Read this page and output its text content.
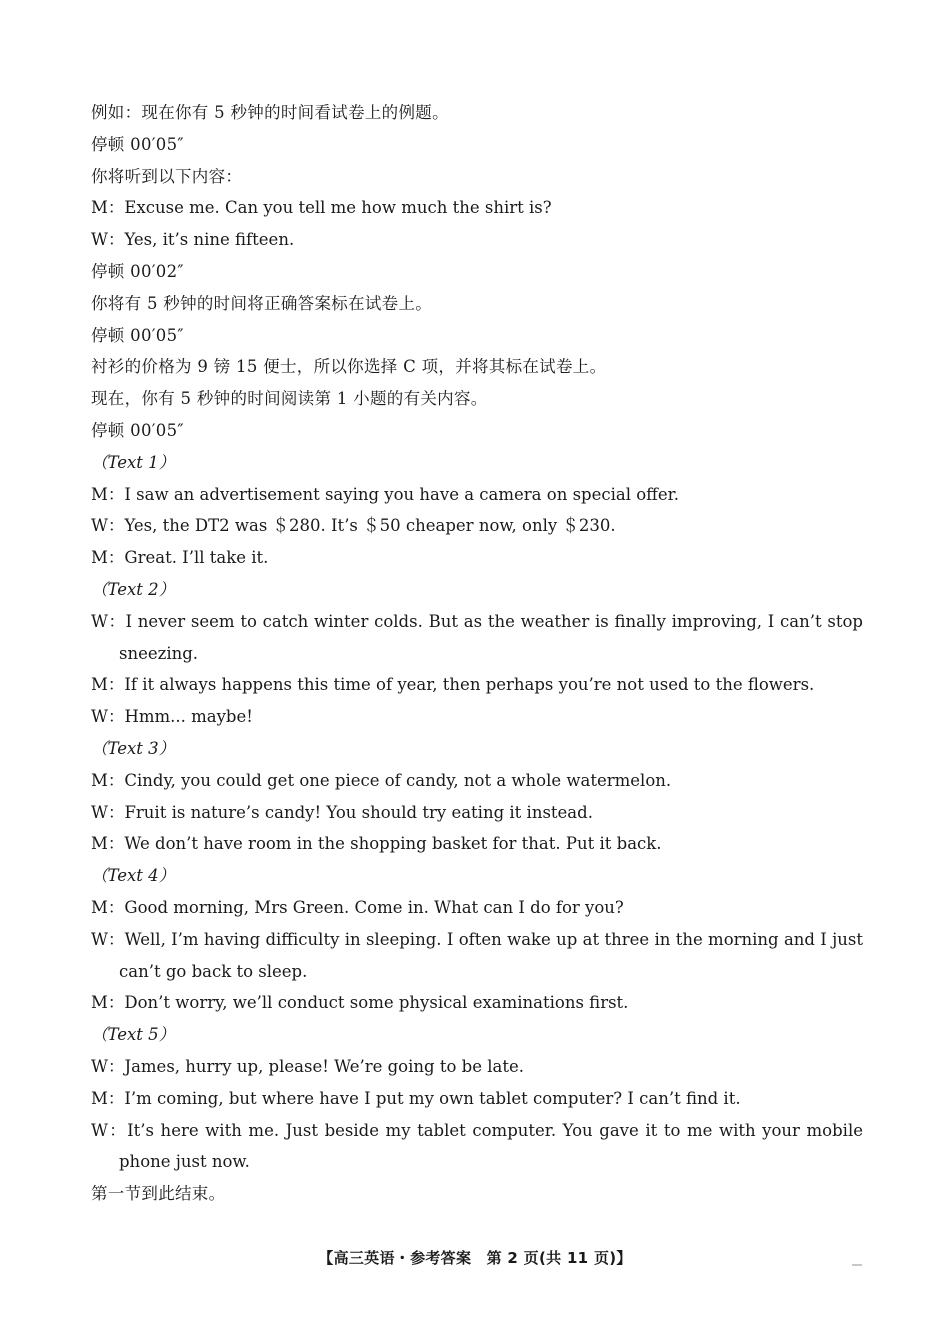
例如：现在你有 5 秒钟的时间看试卷上的例题。
停顿 00′05″
你将听到以下内容：
M：Excuse me. Can you tell me how much the shirt is?
W：Yes, it’s nine fifteen.
停顿 00′02″
你将有 5 秒钟的时间将正确答案标在试卷上。
停顿 00′05″
衬衫的价格为 9 镑 15 便士，所以你选择 C 项，并将其标在试卷上。
现在，你有 5 秒钟的时间阅读第 1 小题的有关内容。
停顿 00′05″
（Text 1）
M：I saw an advertisement saying you have a camera on special offer.
W：Yes, the DT2 was ＄280. It’s ＄50 cheaper now, only ＄230.
M：Great. I’ll take it.
（Text 2）
W：I never seem to catch winter colds. But as the weather is finally improving, I can’t stop sneezing.
M：If it always happens this time of year, then perhaps you’re not used to the flowers.
W：Hmm... maybe!
（Text 3）
M：Cindy, you could get one piece of candy, not a whole watermelon.
W：Fruit is nature’s candy! You should try eating it instead.
M：We don’t have room in the shopping basket for that. Put it back.
（Text 4）
M：Good morning, Mrs Green. Come in. What can I do for you?
W：Well, I’m having difficulty in sleeping. I often wake up at three in the morning and I just can’t go back to sleep.
M：Don’t worry, we’ll conduct some physical examinations first.
（Text 5）
W：James, hurry up, please! We’re going to be late.
M：I’m coming, but where have I put my own tablet computer? I can’t find it.
W：It’s here with me. Just beside my tablet computer. You gave it to me with your mobile phone just now.
第一节到此结束。
【高三英语・参考答案　第 2 页(共 11 页)】
